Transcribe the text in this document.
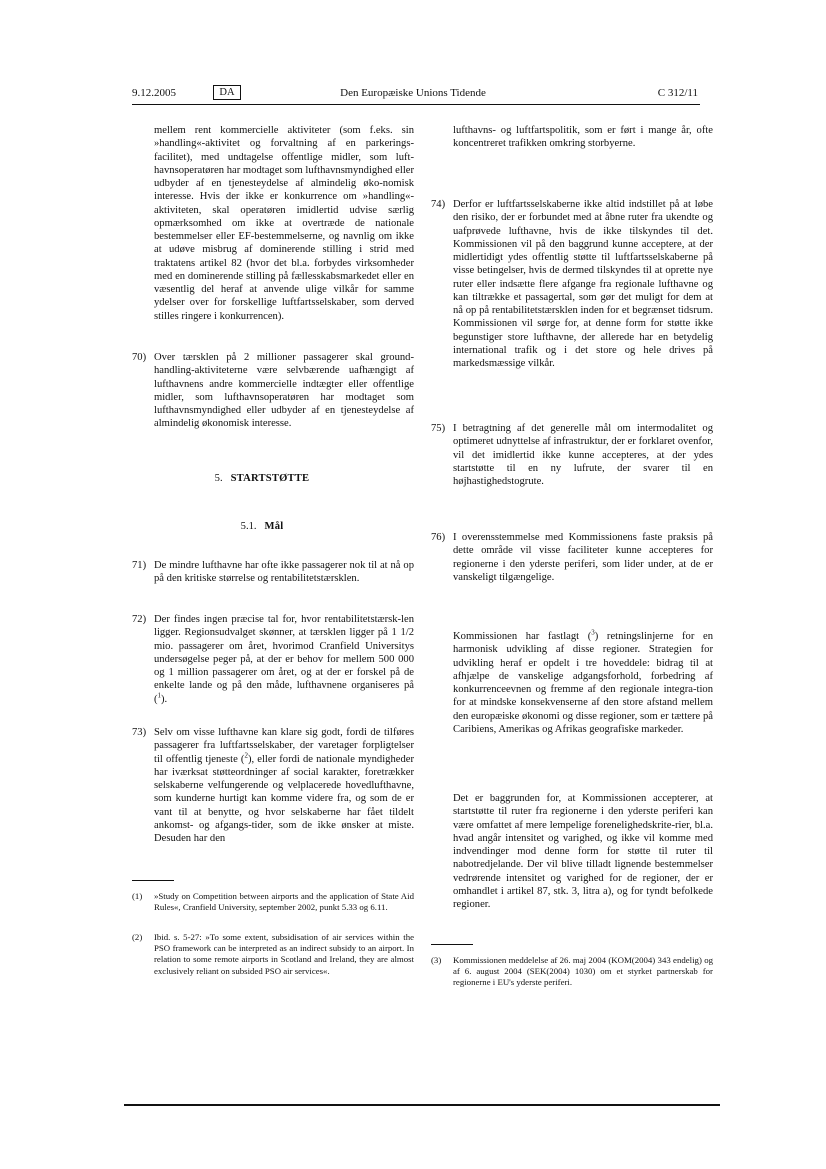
9.12.2005	DA	Den Europæiske Unions Tidende	C 312/11
mellem rent kommercielle aktiviteter (som f.eks. sin »handling«-aktivitet og forvaltning af en parkerings-facilitet), med undtagelse offentlige midler, som luft-havnsoperatøren har modtaget som lufthavnsmyndighed eller udbyder af en tjenesteydelse af almindelig øko-nomisk interesse. Hvis der ikke er konkurrence om »handling«-aktiviteten, skal operatøren imidlertid udvise særlig opmærksomhed om ikke at overtræde de nationale bestemmelser eller EF-bestemmelserne, og navnlig om ikke at udøve misbrug af dominerende stilling i strid med traktatens artikel 82 (hvor det bl.a. forbydes virksomheder med en dominerende stilling på fællesskabsmarkedet eller en væsentlig del heraf at anvende ulige vilkår for samme ydelser over for forskellige luftfartsselskaber, som derved stilles ringere i konkurrencen).
70) Over tærsklen på 2 millioner passagerer skal ground-handling-aktiviteterne være selvbærende uafhængigt af lufthavnens andre kommercielle indtægter eller offentlige midler, som lufthavnsoperatøren har modtaget som lufthavnsmyndighed eller udbyder af en tjenesteydelse af almindelig økonomisk interesse.
5. STARTSTØTTE
5.1. Mål
71) De mindre lufthavne har ofte ikke passagerer nok til at nå op på den kritiske størrelse og rentabilitetstærsklen.
72) Der findes ingen præcise tal for, hvor rentabilitetstærsk-len ligger. Regionsudvalget skønner, at tærsklen ligger på 1 1/2 mio. passagerer om året, hvorimod Cranfield Universitys undersøgelse peger på, at der er behov for mellem 500 000 og 1 million passagerer om året, og at der er forskel på de enkelte lande og på den måde, lufthavnene organiseres på ($^1$).
73) Selv om visse lufthavne kan klare sig godt, fordi de tilføres passagerer fra luftfartsselskaber, der varetager forpligtelser til offentlig tjeneste ($^2$), eller fordi de nationale myndigheder har iværksat støtteordninger af social karakter, foretrækker selskaberne velfungerende og velplacerede hovedlufthavne, som kunderne hurtigt kan komme videre fra, og som de er vant til at benytte, og hvor selskaberne har fået tildelt ankomst- og afgangs-tider, som de ikke ønsker at miste. Desuden har den
(1) »Study on Competition between airports and the application of State Aid Rules«, Cranfield University, september 2002, punkt 5.33 og 6.11.
(2) Ibid. s. 5-27: »To some extent, subsidisation of air services within the PSO framework can be interpreted as an indirect subsidy to an airport. In relation to some remote airports in Scotland and Ireland, they are almost exclusively reliant on subsided PSO air services«.
lufthavns- og luftfartspolitik, som er ført i mange år, ofte koncentreret trafikken omkring storbyerne.
74) Derfor er luftfartsselskaberne ikke altid indstillet på at løbe den risiko, der er forbundet med at åbne ruter fra ukendte og uafprøvede lufthavne, hvis de ikke tilskyndes til det. Kommissionen vil på den baggrund kunne acceptere, at der midlertidigt ydes offentlig støtte til luftfartsselskaberne på visse betingelser, hvis de dermed tilskyndes til at oprette nye ruter eller indsætte flere afgange fra regionale lufthavne og kan tiltrække et passagertal, som gør det muligt for dem at nå op på rentabilitetstærsklen inden for et begrænset tidsrum. Kommissionen vil sørge for, at denne form for støtte ikke begunstiger store lufthavne, der allerede har en betydelig international trafik og i det store og hele drives på markedsmæssige vilkår.
75) I betragtning af det generelle mål om intermodalitet og optimeret udnyttelse af infrastruktur, der er forklaret ovenfor, vil det imidlertid ikke kunne accepteres, at der ydes startstøtte til en ny lufrute, der svarer til en højhastighedstogrute.
76) I overensstemmelse med Kommissionens faste praksis på dette område vil visse faciliteter kunne accepteres for regionerne i den yderste periferi, som lider under, at de er vanskeligt tilgængelige.
Kommissionen har fastlagt ($^3$) retningslinjerne for en harmonisk udvikling af disse regioner. Strategien for udvikling heraf er opdelt i tre hoveddele: bidrag til at afhjælpe de vanskelige adgangsforhold, forbedring af konkurrenceevnen og fremme af den regionale integra-tion for at mindske konsekvenserne af den store afstand mellem den europæiske økonomi og disse regioner, som er tættere på Caribiens, Amerikas og Afrikas geografiske markeder.
Det er baggrunden for, at Kommissionen accepterer, at startstøtte til ruter fra regionerne i den yderste periferi kan være omfattet af mere lempelige forenelighedskrite-rier, bl.a. hvad angår intensitet og varighed, og ikke vil komme med indvendinger mod denne form for støtte til ruter til nabotredjelande. Der vil blive tilladt lignende bestemmelser vedrørende intensitet og varighed for de regioner, der er omhandlet i artikel 87, stk. 3, litra a), og for tyndt befolkede regioner.
(3) Kommissionen meddelelse af 26. maj 2004 (KOM(2004) 343 endelig) og af 6. august 2004 (SEK(2004) 1030) om et styrket partnerskab for regionerne i EU's yderste periferi.
